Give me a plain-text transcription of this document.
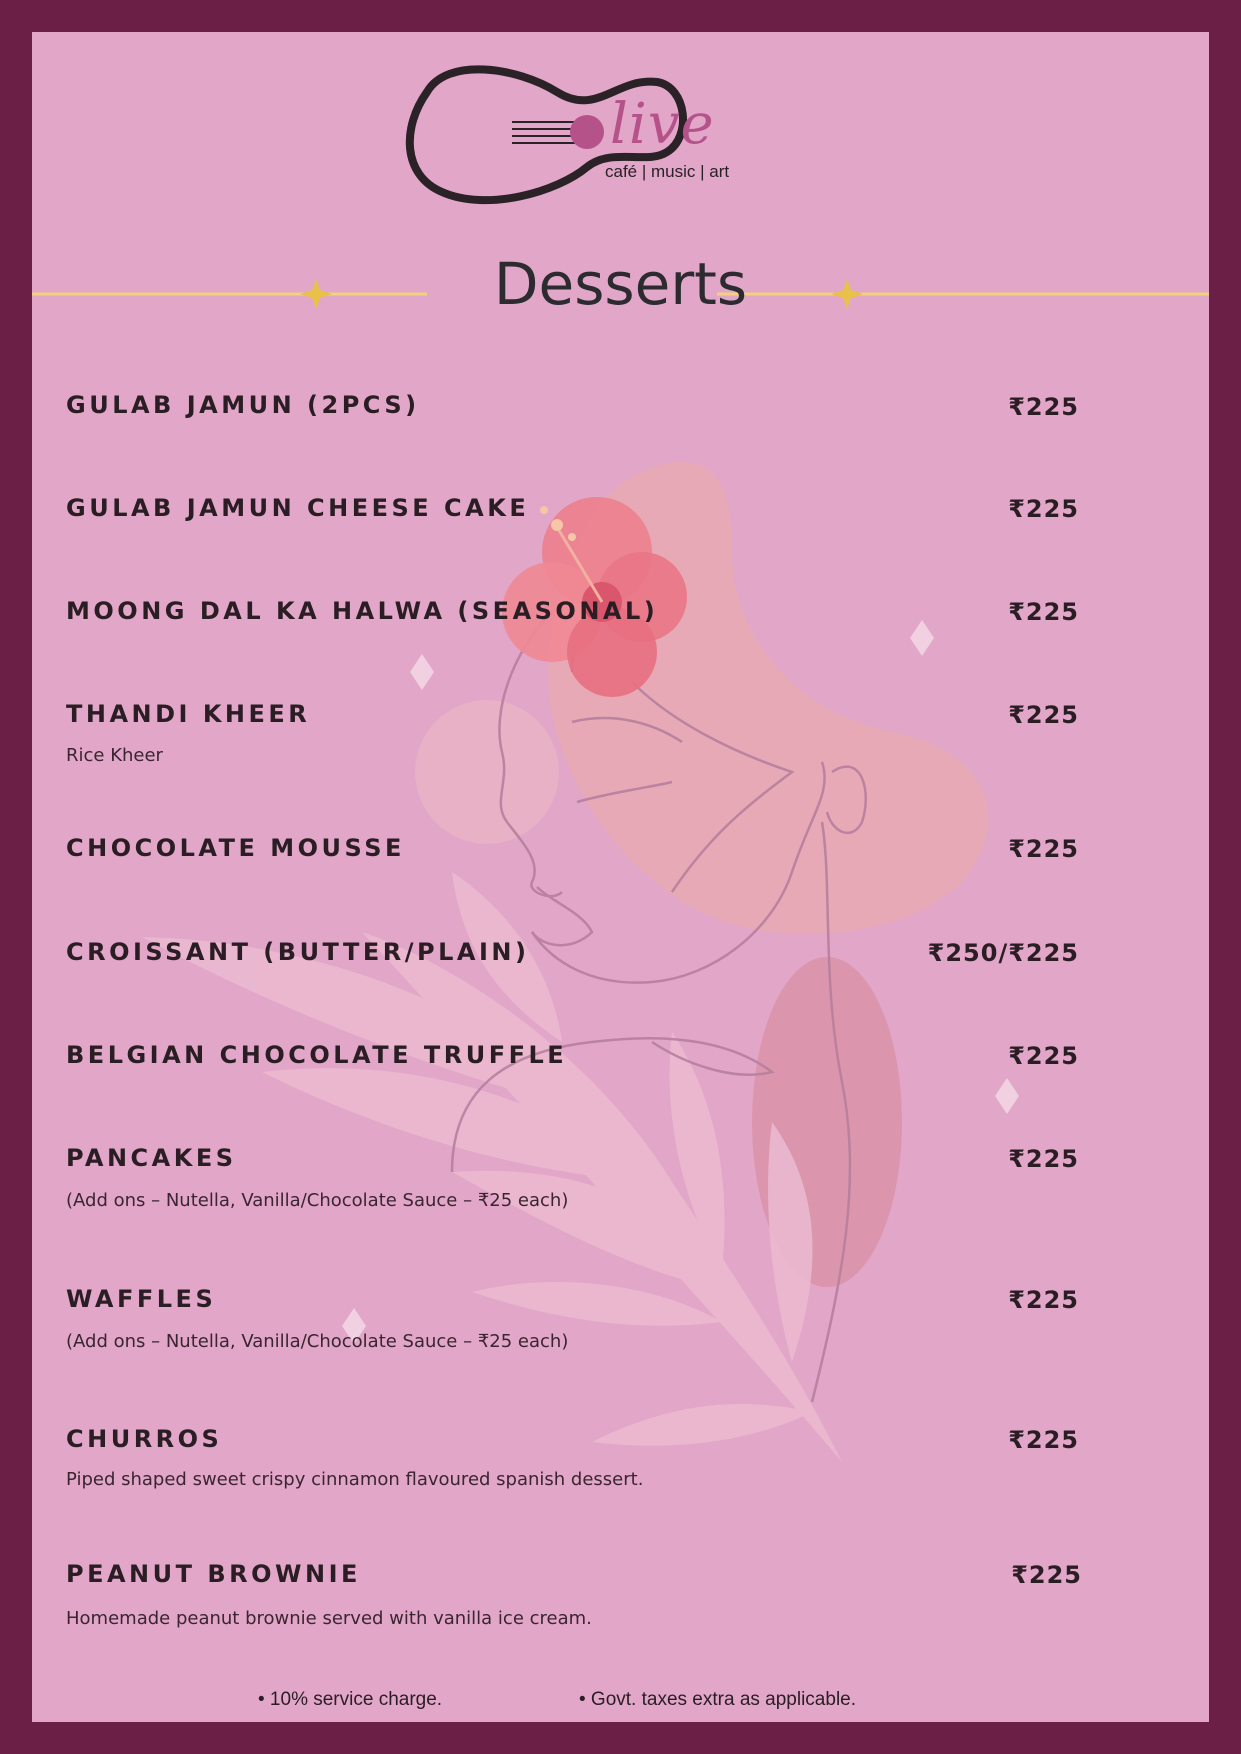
live
café | music | art
Desserts
GULAB JAMUN (2PCS)	₹225
GULAB JAMUN CHEESE CAKE	₹225
MOONG DAL KA HALWA (SEASONAL)	₹225
THANDI KHEER	₹225
Rice Kheer
CHOCOLATE MOUSSE	₹225
CROISSANT (BUTTER/PLAIN)	₹250/₹225
BELGIAN CHOCOLATE TRUFFLE	₹225
PANCAKES	₹225
(Add ons – Nutella, Vanilla/Chocolate Sauce – ₹25 each)
WAFFLES	₹225
(Add ons – Nutella, Vanilla/Chocolate Sauce – ₹25 each)
CHURROS	₹225
Piped shaped sweet crispy cinnamon flavoured spanish dessert.
PEANUT BROWNIE	₹225
Homemade peanut brownie served with vanilla ice cream.
• 10% service charge.	• Govt. taxes extra as applicable.
